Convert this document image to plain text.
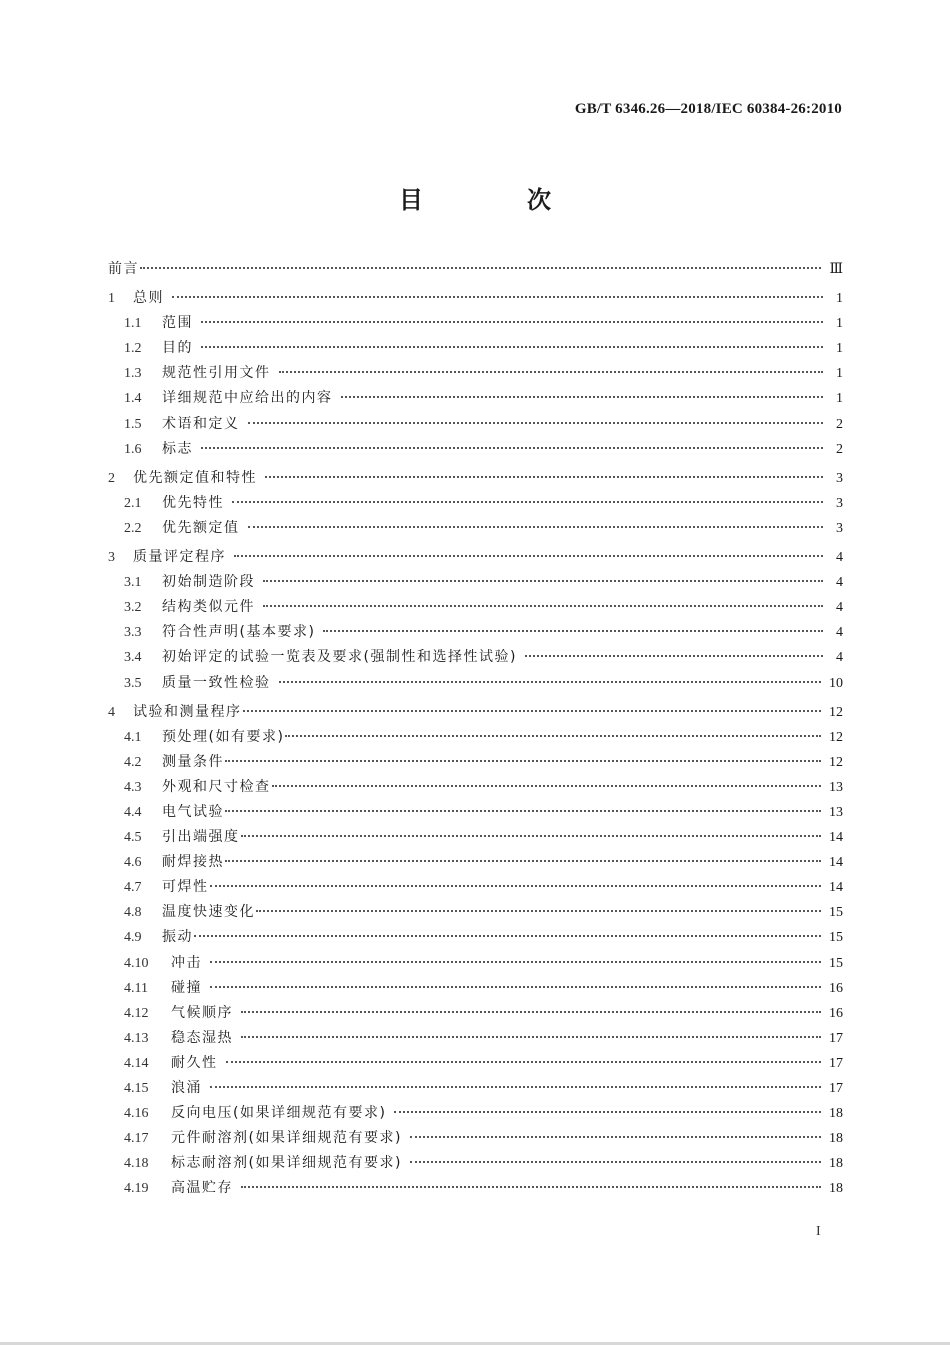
GB/T 6346.26—2018/IEC 60384-26:2010
目　次
前言	Ⅲ
1	总则	1
1.1	范围	1
1.2	目的	1
1.3	规范性引用文件	1
1.4	详细规范中应给出的内容	1
1.5	术语和定义	2
1.6	标志	2
2	优先额定值和特性	3
2.1	优先特性	3
2.2	优先额定值	3
3	质量评定程序	4
3.1	初始制造阶段	4
3.2	结构类似元件	4
3.3	符合性声明(基本要求)	4
3.4	初始评定的试验一览表及要求(强制性和选择性试验)	4
3.5	质量一致性检验	10
4	试验和测量程序	12
4.1	预处理(如有要求)	12
4.2	测量条件	12
4.3	外观和尺寸检查	13
4.4	电气试验	13
4.5	引出端强度	14
4.6	耐焊接热	14
4.7	可焊性	14
4.8	温度快速变化	15
4.9	振动	15
4.10	冲击	15
4.11	碰撞	16
4.12	气候顺序	16
4.13	稳态湿热	17
4.14	耐久性	17
4.15	浪涌	17
4.16	反向电压(如果详细规范有要求)	18
4.17	元件耐溶剂(如果详细规范有要求)	18
4.18	标志耐溶剂(如果详细规范有要求)	18
4.19	高温贮存	18
I
